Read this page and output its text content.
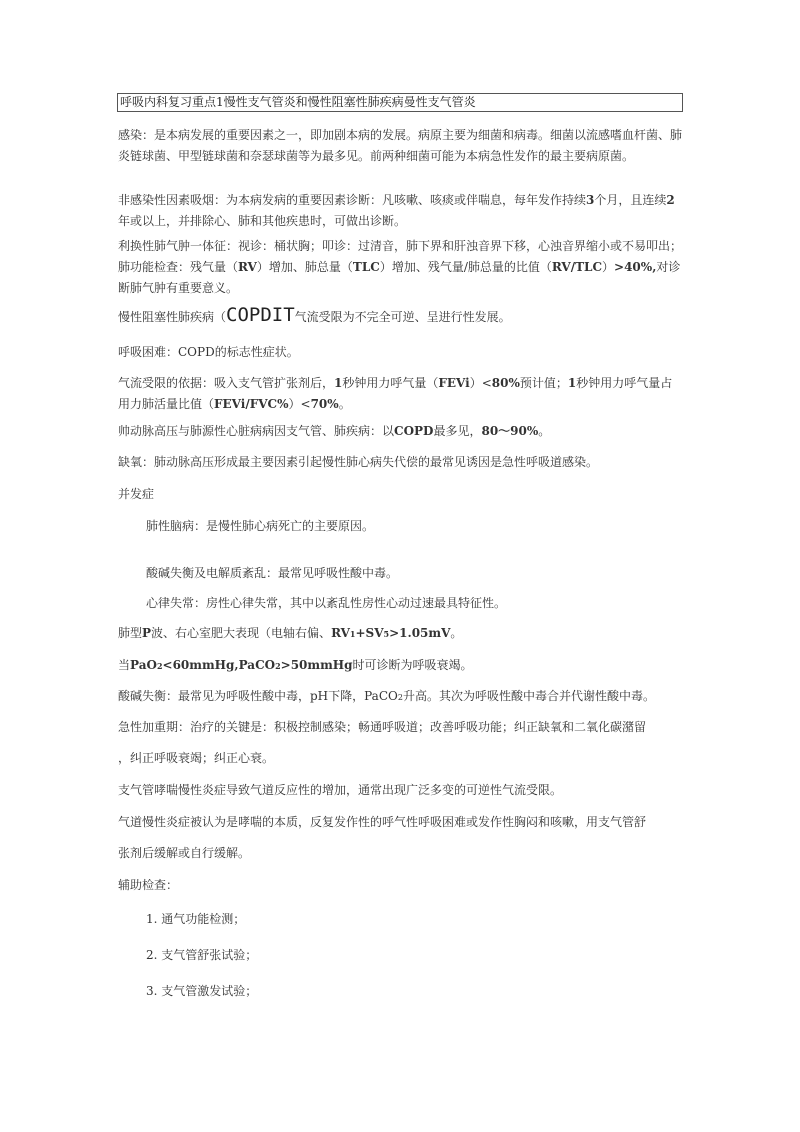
呼吸内科复习重点1慢性支气管炎和慢性阻塞性肺疾病曼性支气管炎
感染：是本病发展的重要因素之一，即加剧本病的发展。病原主要为细菌和病毒。细菌以流感嗜血杆菌、肺炎链球菌、甲型链球菌和奈瑟球菌等为最多见。前两种细菌可能为本病急性发作的最主要病原菌。
非感染性因素吸烟：为本病发病的重要因素诊断：凡咳嗽、咳痰或伴喘息，每年发作持续3个月，且连续2年或以上，并排除心、肺和其他疾患时，可做出诊断。
利换性肺气肿一体征：视诊：桶状胸；叩诊：过清音，肺下界和肝浊音界下移，心浊音界缩小或不易叩出；肺功能检查：残气量（RV）增加、肺总量（TLC）增加、残气量/肺总量的比值（RV/TLC）>40%,对诊断肺气肿有重要意义。
慢性阻塞性肺疾病（COPDIT气流受限为不完全可逆、呈进行性发展。
呼吸困难：COPD的标志性症状。
气流受限的依据：吸入支气管扩张剂后，1秒钟用力呼气量（FEVi）<80%预计值；1秒钟用力呼气量占用力肺活量比值（FEVi/FVC%）<70%。
帅动脉高压与肺源性心脏病病因支气管、肺疾病：以COPD最多见，80〜90%。
缺氧：肺动脉高压形成最主要因素引起慢性肺心病失代偿的最常见诱因是急性呼吸道感染。
并发症
肺性脑病：是慢性肺心病死亡的主要原因。
酸碱失衡及电解质紊乱：最常见呼吸性酸中毒。
心律失常：房性心律失常，其中以紊乱性房性心动过速最具特征性。
肺型P波、右心室肥大表现（电轴右偏、RV1+SV5>1.05mV。
当PaO2<60mmHg,PaCO2>50mmHg时可诊断为呼吸衰竭。
酸碱失衡：最常见为呼吸性酸中毒，pH下降，PaCO2升高。其次为呼吸性酸中毒合并代谢性酸中毒。
急性加重期：治疗的关键是：积极控制感染；畅通呼吸道；改善呼吸功能；纠正缺氧和二氧化碳潴留
，纠正呼吸衰竭；纠正心衰。
支气管哮喘慢性炎症导致气道反应性的增加，通常出现广泛多变的可逆性气流受限。
气道慢性炎症被认为是哮喘的本质，反复发作性的呼气性呼吸困难或发作性胸闷和咳嗽，用支气管舒
张剂后缓解或自行缓解。
辅助检查：
1. 通气功能检测；
2. 支气管舒张试验；
3. 支气管激发试验；
